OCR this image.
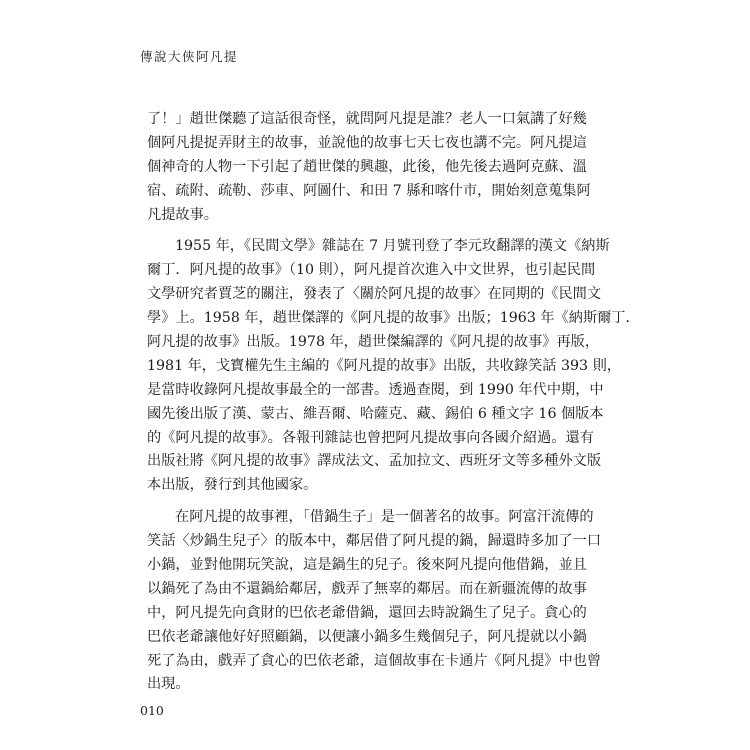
傳說大俠阿凡提
了！」趙世傑聽了這話很奇怪，就問阿凡提是誰？老人一口氣講了好幾
個阿凡提捉弄財主的故事，並說他的故事七天七夜也講不完。阿凡提這
個神奇的人物一下引起了趙世傑的興趣，此後，他先後去過阿克蘇、溫
宿、疏附、疏勒、莎車、阿圖什、和田 7 縣和喀什市，開始刻意蒐集阿
凡提故事。
1955 年，《民間文學》雜誌在 7 月號刊登了李元玫翻譯的漢文《納斯
爾丁．阿凡提的故事》（10 則），阿凡提首次進入中文世界，也引起民間
文學研究者賈芝的關注，發表了〈關於阿凡提的故事〉在同期的《民間文
學》上。1958 年，趙世傑譯的《阿凡提的故事》出版；1963 年《納斯爾丁．
阿凡提的故事》出版。1978 年，趙世傑編譯的《阿凡提的故事》再版，
1981 年，戈寶權先生主編的《阿凡提的故事》出版，共收錄笑話 393 則，
是當時收錄阿凡提故事最全的一部書。透過查閱，到 1990 年代中期，中
國先後出版了漢、蒙古、維吾爾、哈薩克、藏、錫伯 6 種文字 16 個版本
的《阿凡提的故事》。各報刊雜誌也曾把阿凡提故事向各國介紹過。還有
出版社將《阿凡提的故事》譯成法文、孟加拉文、西班牙文等多種外文版
本出版，發行到其他國家。
在阿凡提的故事裡，「借鍋生子」是一個著名的故事。阿富汗流傳的
笑話〈炒鍋生兒子〉的版本中，鄰居借了阿凡提的鍋，歸還時多加了一口
小鍋，並對他開玩笑說，這是鍋生的兒子。後來阿凡提向他借鍋，並且
以鍋死了為由不還鍋給鄰居，戲弄了無辜的鄰居。而在新疆流傳的故事
中，阿凡提先向貪財的巴依老爺借鍋，還回去時說鍋生了兒子。貪心的
巴依老爺讓他好好照顧鍋，以便讓小鍋多生幾個兒子，阿凡提就以小鍋
死了為由，戲弄了貪心的巴依老爺，這個故事在卡通片《阿凡提》中也曾
出現。
010
